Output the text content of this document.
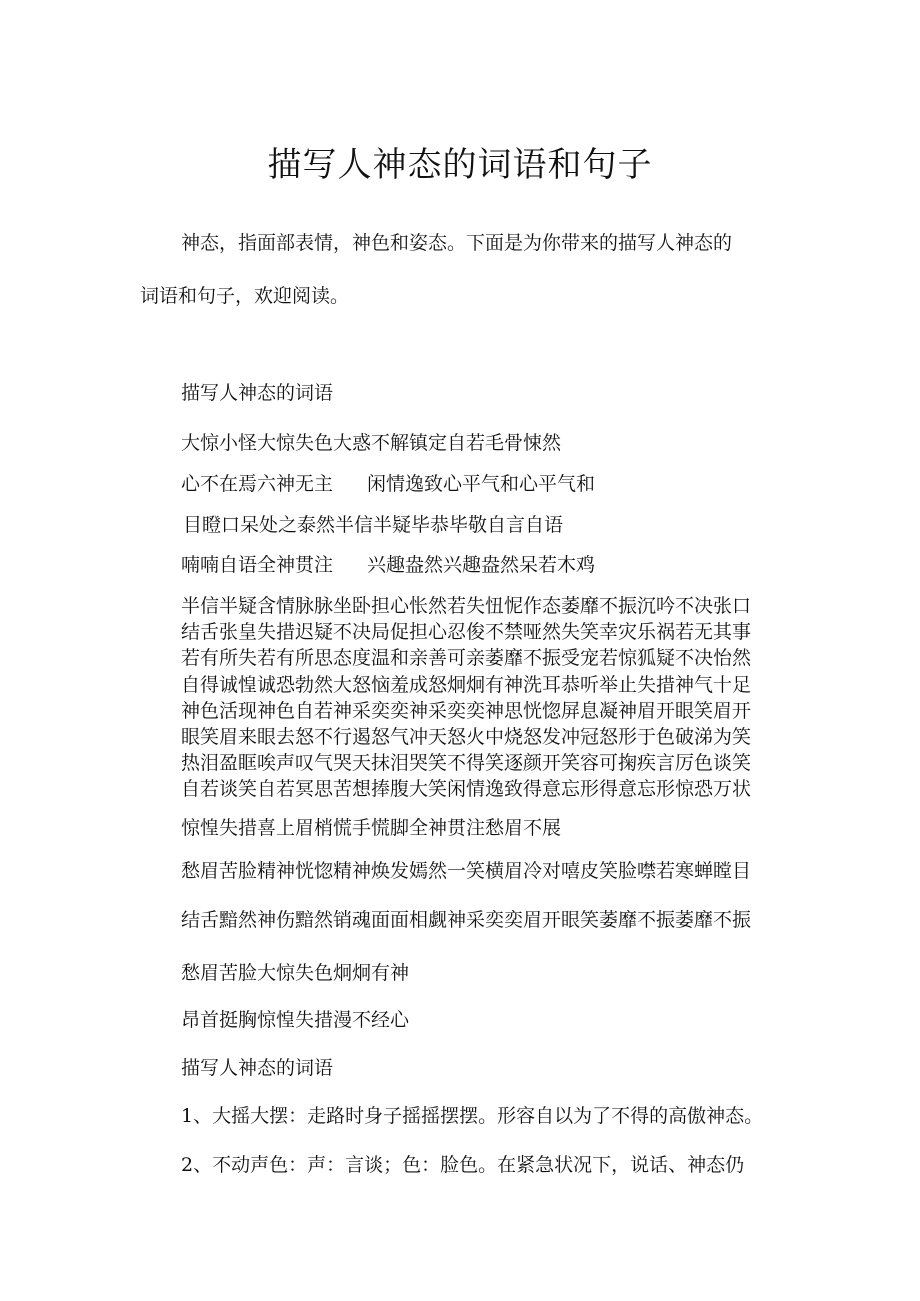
描写人神态的词语和句子
神态，指面部表情，神色和姿态。下面是为你带来的描写人神态的
词语和句子，欢迎阅读。
描写人神态的词语
大惊小怪大惊失色大惑不解镇定自若毛骨悚然
心不在焉六神无主 闲情逸致心平气和心平气和
目瞪口呆处之泰然半信半疑毕恭毕敬自言自语
喃喃自语全神贯注 兴趣盎然兴趣盎然呆若木鸡
半信半疑含情脉脉坐卧担心怅然若失忸怩作态萎靡不振沉吟不决张口
结舌张皇失措迟疑不决局促担心忍俊不禁哑然失笑幸灾乐祸若无其事
若有所失若有所思态度温和亲善可亲萎靡不振受宠若惊狐疑不决怡然
自得诚惶诚恐勃然大怒恼羞成怒炯炯有神洗耳恭听举止失措神气十足
神色活现神色自若神采奕奕神采奕奕神思恍惚屏息凝神眉开眼笑眉开
眼笑眉来眼去怒不行遏怒气冲天怒火中烧怒发冲冠怒形于色破涕为笑
热泪盈眶唉声叹气哭天抹泪哭笑不得笑逐颜开笑容可掬疾言厉色谈笑
自若谈笑自若冥思苦想捧腹大笑闲情逸致得意忘形得意忘形惊恐万状
惊惶失措喜上眉梢慌手慌脚全神贯注愁眉不展
愁眉苦脸精神恍惚精神焕发嫣然一笑横眉冷对嘻皮笑脸噤若寒蝉瞠目
结舌黯然神伤黯然销魂面面相觑神采奕奕眉开眼笑萎靡不振萎靡不振
愁眉苦脸大惊失色炯炯有神
昂首挺胸惊惶失措漫不经心
描写人神态的词语
1、大摇大摆：走路时身子摇摇摆摆。形容自以为了不得的高傲神态。
2、不动声色：声：言谈；色：脸色。在紧急状况下，说话、神态仍
